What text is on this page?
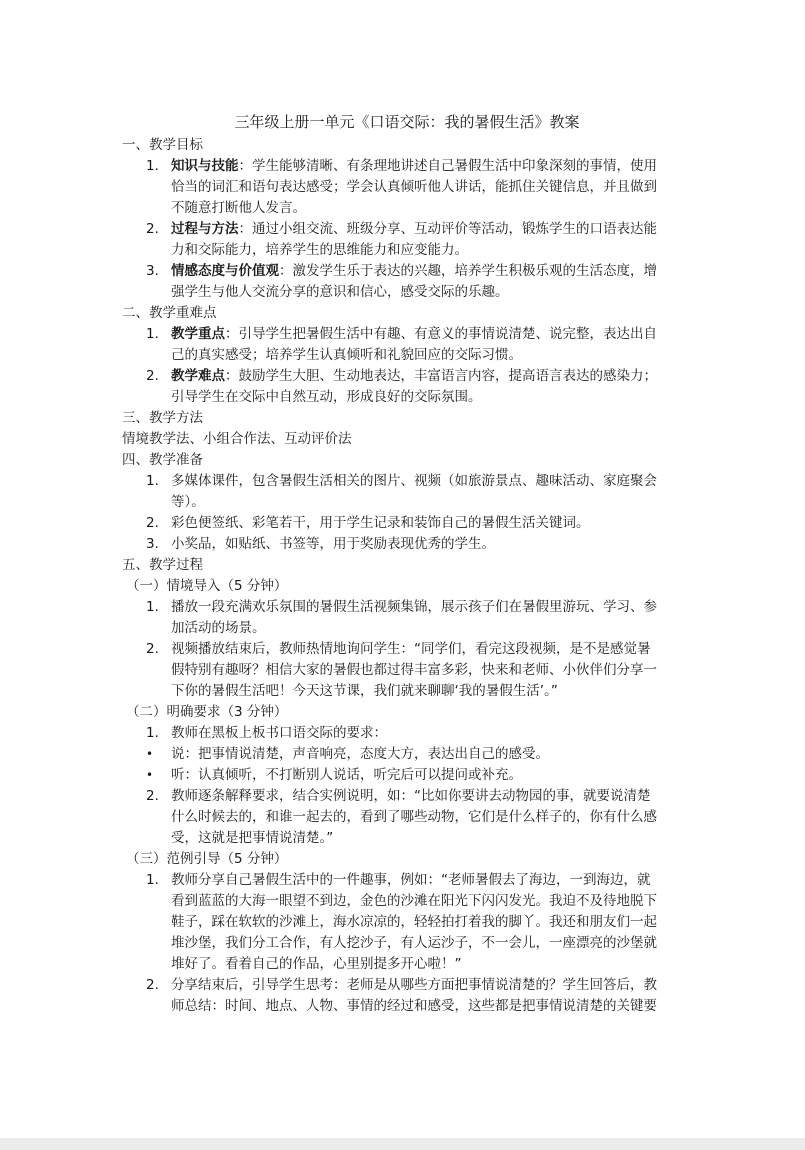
三年级上册一单元《口语交际：我的暑假生活》教案
一、教学目标
1. 知识与技能：学生能够清晰、有条理地讲述自己暑假生活中印象深刻的事情，使用
恰当的词汇和语句表达感受；学会认真倾听他人讲话，能抓住关键信息，并且做到
不随意打断他人发言。
2. 过程与方法：通过小组交流、班级分享、互动评价等活动，锻炼学生的口语表达能
力和交际能力，培养学生的思维能力和应变能力。
3. 情感态度与价值观：激发学生乐于表达的兴趣，培养学生积极乐观的生活态度，增
强学生与他人交流分享的意识和信心，感受交际的乐趣。
二、教学重难点
1. 教学重点：引导学生把暑假生活中有趣、有意义的事情说清楚、说完整，表达出自
己的真实感受；培养学生认真倾听和礼貌回应的交际习惯。
2. 教学难点：鼓励学生大胆、生动地表达，丰富语言内容，提高语言表达的感染力；
引导学生在交际中自然互动，形成良好的交际氛围。
三、教学方法
情境教学法、小组合作法、互动评价法
四、教学准备
1. 多媒体课件，包含暑假生活相关的图片、视频（如旅游景点、趣味活动、家庭聚会
等）。
2. 彩色便签纸、彩笔若干，用于学生记录和装饰自己的暑假生活关键词。
3. 小奖品，如贴纸、书签等，用于奖励表现优秀的学生。
五、教学过程
（一）情境导入（5 分钟）
1. 播放一段充满欢乐氛围的暑假生活视频集锦，展示孩子们在暑假里游玩、学习、参
加活动的场景。
2. 视频播放结束后，教师热情地询问学生：“同学们，看完这段视频，是不是感觉暑
假特别有趣呀？相信大家的暑假也都过得丰富多彩，快来和老师、小伙伴们分享一
下你的暑假生活吧！今天这节课，我们就来聊聊‘我的暑假生活’。”
（二）明确要求（3 分钟）
1. 教师在黑板上板书口语交际的要求：
• 说：把事情说清楚，声音响亮，态度大方，表达出自己的感受。
• 听：认真倾听，不打断别人说话，听完后可以提问或补充。
2. 教师逐条解释要求，结合实例说明，如：“比如你要讲去动物园的事，就要说清楚
什么时候去的，和谁一起去的，看到了哪些动物，它们是什么样子的，你有什么感
受，这就是把事情说清楚。”
（三）范例引导（5 分钟）
1. 教师分享自己暑假生活中的一件趣事，例如：“老师暑假去了海边，一到海边，就
看到蓝蓝的大海一眼望不到边，金色的沙滩在阳光下闪闪发光。我迫不及待地脱下
鞋子，踩在软软的沙滩上，海水凉凉的，轻轻拍打着我的脚丫。我还和朋友们一起
堆沙堡，我们分工合作，有人挖沙子，有人运沙子，不一会儿，一座漂亮的沙堡就
堆好了。看着自己的作品，心里别提多开心啦！”
2. 分享结束后，引导学生思考：老师是从哪些方面把事情说清楚的？学生回答后，教
师总结：时间、地点、人物、事情的经过和感受，这些都是把事情说清楚的关键要
